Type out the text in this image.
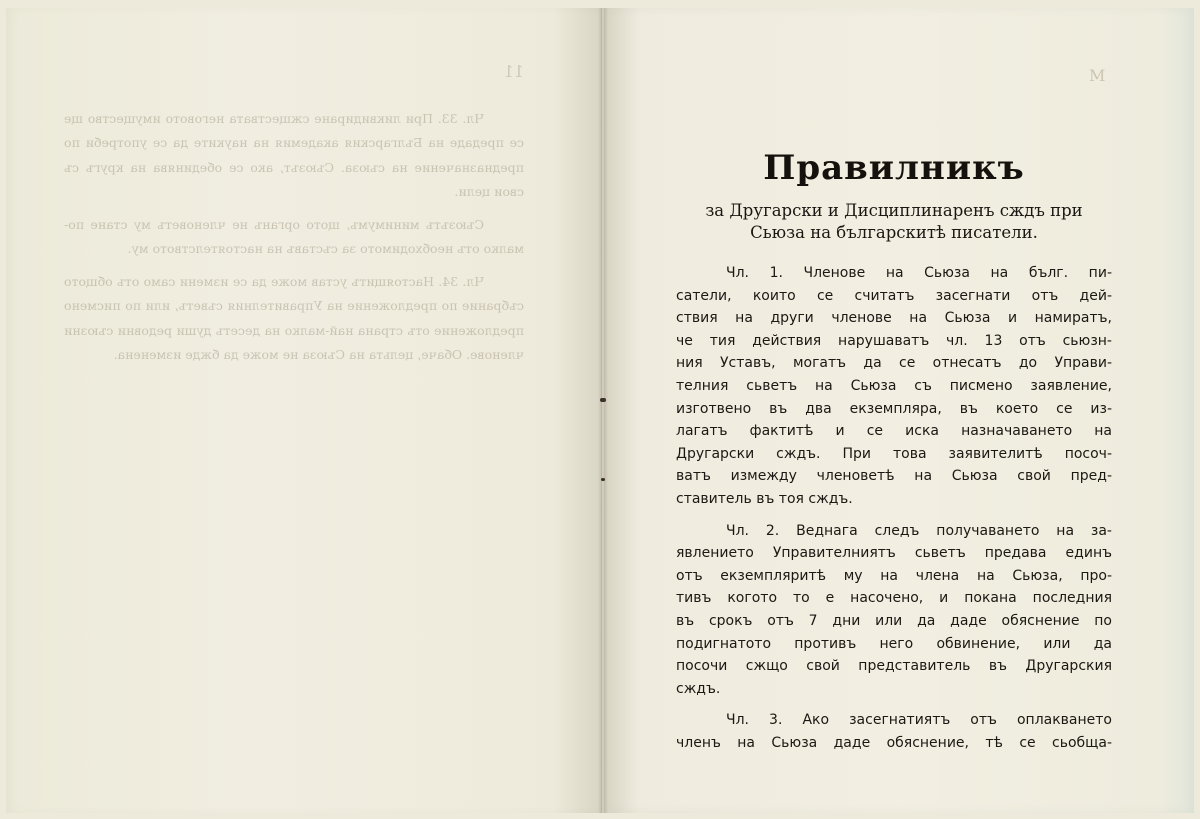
11

Чл. 33. При ликвидиране сжществата неговото имущество ще се предаде на Българския академия на науките да се употреби по предназначение на съюза. Съюзът, ако се обединява на кругъ съ свои цели.

Съюзътъ минимумъ, щото органъ не членоветъ му стане по-малко отъ необходимото за съставъ на настоятелството му.

Чл. 34. Настоящитъ устав може да се измени само отъ общото събрание по предложение на Управителния съветъ, или по писмено предложение отъ страна най-малко на десетъ души редовни съюзни членове. Обаче, цельта на Съюза не може да бжде изменена.

М
Правилникъ
за Другарски и Дисциплинаренъ сждъ при
Сьюза на българскитѣ писатели.
Чл. 1. Членове на Сьюза на бълг. пи-
сатели, които се считатъ засегнати отъ дей-
ствия на други членове на Сьюза и намиратъ,
че тия действия нарушаватъ чл. 13 отъ сьюзн-
ния Уставъ, могатъ да се отнесатъ до Управи-
телния сьветъ на Сьюза съ писмено заявление,
изготвено въ два екземпляра, въ което се из-
лагатъ фактитѣ и се иска назначаването на
Другарски сждъ. При това заявителитѣ посоч-
ватъ измежду членоветѣ на Сьюза свой пред-
ставитель въ тоя сждъ.
Чл. 2. Веднага следъ получаването на за-
явлението Управителниятъ сьветъ предава единъ
отъ екземпляритѣ му на члена на Сьюза, про-
тивъ когото то е насочено, и покана последния
въ срокъ отъ 7 дни или да даде обяснение по
подигнатото противъ него обвинение, или да
посочи сжщо свой представитель въ Другарския
сждъ.
Чл. 3. Ако засегнатиятъ отъ оплакването
членъ на Сьюза даде обяснение, тѣ се сьобща-
